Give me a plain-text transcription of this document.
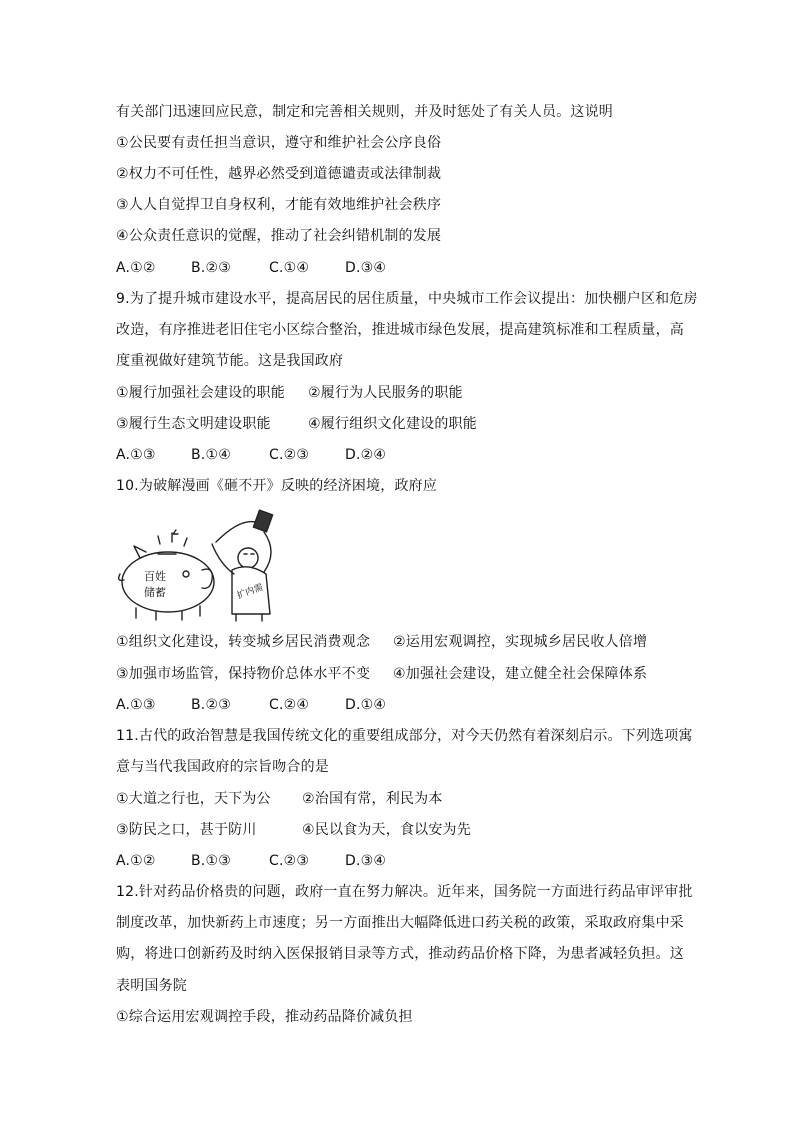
有关部门迅速回应民意，制定和完善相关规则，并及时惩处了有关人员。这说明
①公民要有责任担当意识，遵守和维护社会公序良俗
②权力不可任性，越界必然受到道德谴责或法律制裁
③人人自觉捍卫自身权利，才能有效地维护社会秩序
④公众责任意识的觉醒，推动了社会纠错机制的发展
A.①②	B.②③	C.①④	D.③④
9.为了提升城市建设水平，提高居民的居住质量，中央城市工作会议提出：加快棚户区和危房
改造，有序推进老旧住宅小区综合整治，推进城市绿色发展，提高建筑标准和工程质量，高
度重视做好建筑节能。这是我国政府
①履行加强社会建设的职能 ②履行为人民服务的职能
③履行生态文明建设职能	④履行组织文化建设的职能
A.①③	B.①④	C.②③	D.②④
10.为破解漫画《砸不开》反映的经济困境，政府应
百姓
储蓄	扩内需
①组织文化建设，转变城乡居民消费观念 ②运用宏观调控，实现城乡居民收人倍增
③加强市场监管，保持物价总体水平不变 ④加强社会建设，建立健全社会保障体系
A.①③	B.②③	C.②④	D.①④
11.古代的政治智慧是我国传统文化的重要组成部分，对今天仍然有着深刻启示。下列选项寓
意与当代我国政府的宗旨吻合的是
①大道之行也，天下为公 ②治国有常，利民为本
③防民之口，甚于防川	④民以食为天，食以安为先
A.①②	B.①③	C.②③	D.③④
12.针对药品价格贵的问题，政府一直在努力解决。近年来，国务院一方面进行药品审评审批
制度改革，加快新药上市速度；另一方面推出大幅降低进口药关税的政策，采取政府集中采
购，将进口创新药及时纳入医保报销目录等方式，推动药品价格下降，为患者减轻负担。这
表明国务院
①综合运用宏观调控手段，推动药品降价减负担
